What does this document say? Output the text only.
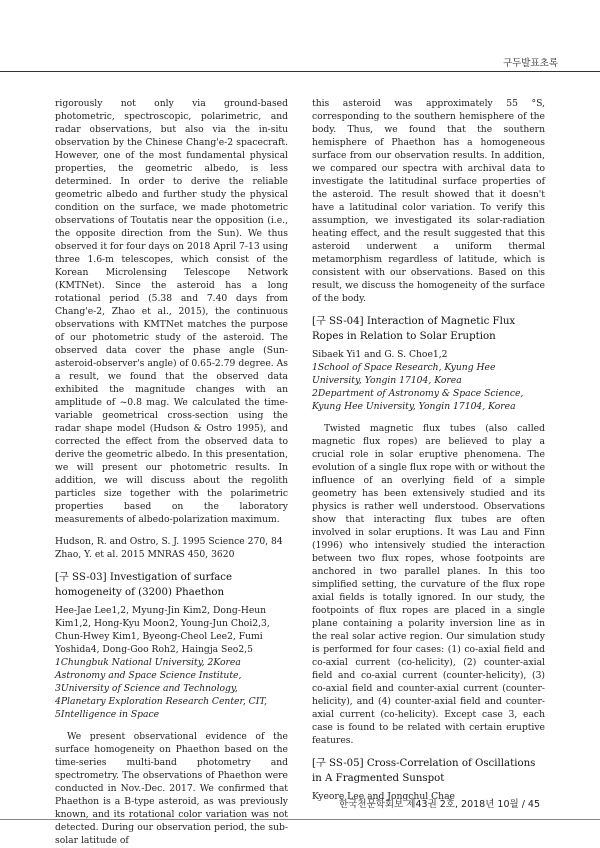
구두발표초록

rigorously not only via ground-based photometric, spectroscopic, polarimetric, and radar observations, but also via the in-situ observation by the Chinese Chang'e-2 spacecraft. However, one of the most fundamental physical properties, the geometric albedo, is less determined. In order to derive the reliable geometric albedo and further study the physical condition on the surface, we made photometric observations of Toutatis near the opposition (i.e., the opposite direction from the Sun). We thus observed it for four days on 2018 April 7-13 using three 1.6-m telescopes, which consist of the Korean Microlensing Telescope Network (KMTNet). Since the asteroid has a long rotational period (5.38 and 7.40 days from Chang'e-2, Zhao et al., 2015), the continuous observations with KMTNet matches the purpose of our photometric study of the asteroid. The observed data cover the phase angle (Sun-asteroid-observer's angle) of 0.65-2.79 degree. As a result, we found that the observed data exhibited the magnitude changes with an amplitude of ~0.8 mag. We calculated the time-variable geometrical cross-section using the radar shape model (Hudson & Ostro 1995), and corrected the effect from the observed data to derive the geometric albedo. In this presentation, we will present our photometric results. In addition, we will discuss about the regolith particles size together with the polarimetric properties based on the laboratory measurements of albedo-polarization maximum.

Hudson, R. and Ostro, S. J. 1995 Science 270, 84

Zhao, Y. et al. 2015 MNRAS 450, 3620

[구 SS-03] Investigation of surface homogeneity of (3200) Phaethon

Hee-Jae Lee1,2, Myung-Jin Kim2, Dong-Heun Kim1,2, Hong-Kyu Moon2, Young-Jun Choi2,3, Chun-Hwey Kim1, Byeong-Cheol Lee2, Fumi Yoshida4, Dong-Goo Roh2, Haingja Seo2,5

1Chungbuk National University, 2Korea Astronomy and Space Science Institute, 3University of Science and Technology, 4Planetary Exploration Research Center, CIT, 5Intelligence in Space

We present observational evidence of the surface homogeneity on Phaethon based on the time-series multi-band photometry and spectrometry. The observations of Phaethon were conducted in Nov.-Dec. 2017. We confirmed that Phaethon is a B-type asteroid, as was previously known, and its rotational color variation was not detected. During our observation period, the sub-solar latitude of

this asteroid was approximately 55 °S, corresponding to the southern hemisphere of the body. Thus, we found that the southern hemisphere of Phaethon has a homogeneous surface from our observation results. In addition, we compared our spectra with archival data to investigate the latitudinal surface properties of the asteroid. The result showed that it doesn't have a latitudinal color variation. To verify this assumption, we investigated its solar-radiation heating effect, and the result suggested that this asteroid underwent a uniform thermal metamorphism regardless of latitude, which is consistent with our observations. Based on this result, we discuss the homogeneity of the surface of the body.

[구 SS-04] Interaction of Magnetic Flux Ropes in Relation to Solar Eruption

Sibaek Yi1 and G. S. Choe1,2

1School of Space Research, Kyung Hee University, Yongin 17104, Korea

2Department of Astronomy & Space Science, Kyung Hee University, Yongin 17104, Korea

Twisted magnetic flux tubes (also called magnetic flux ropes) are believed to play a crucial role in solar eruptive phenomena. The evolution of a single flux rope with or without the influence of an overlying field of a simple geometry has been extensively studied and its physics is rather well understood. Observations show that interacting flux tubes are often involved in solar eruptions. It was Lau and Finn (1996) who intensively studied the interaction between two flux ropes, whose footpoints are anchored in two parallel planes. In this too simplified setting, the curvature of the flux rope axial fields is totally ignored. In our study, the footpoints of flux ropes are placed in a single plane containing a polarity inversion line as in the real solar active region. Our simulation study is performed for four cases: (1) co-axial field and co-axial current (co-helicity), (2) counter-axial field and co-axial current (counter-helicity), (3) co-axial field and counter-axial current (counter-helicity), and (4) counter-axial field and counter-axial current (co-helicity). Except case 3, each case is found to be related with certain eruptive features.

[구 SS-05] Cross-Correlation of Oscillations in A Fragmented Sunspot

Kyeore Lee and Jongchul Chae

한국천문학회보 제43권 2호, 2018년 10월 / 45
